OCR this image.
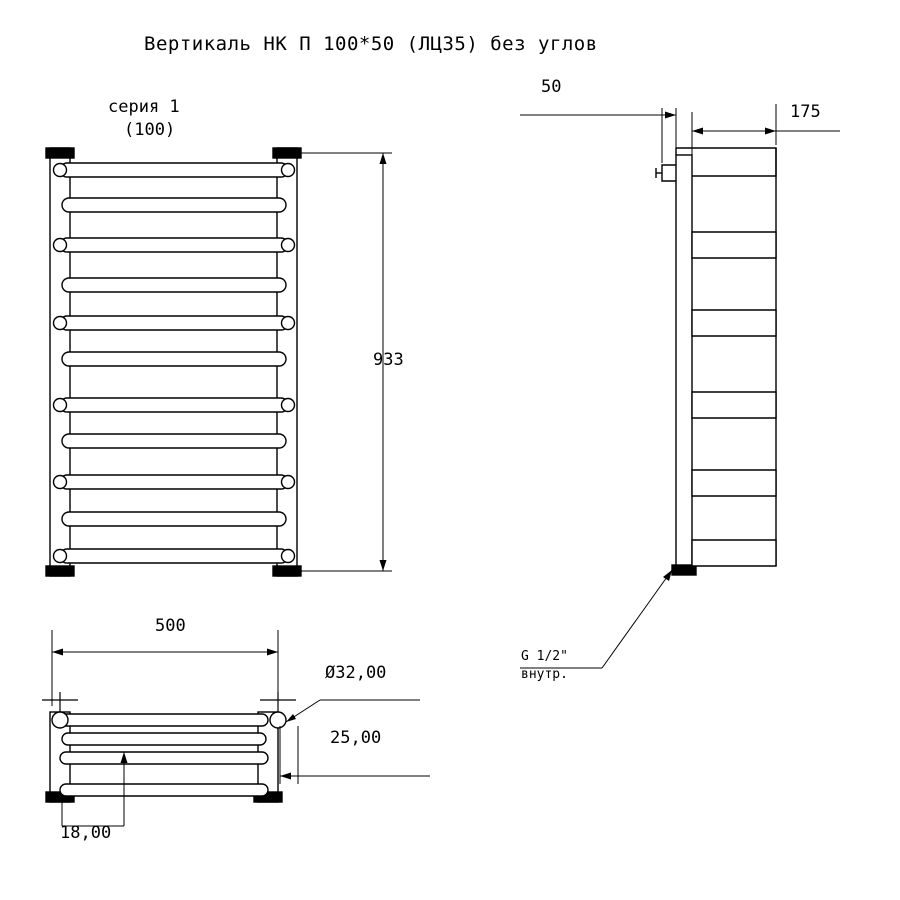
Вертикаль НК П 100*50 (ЛЦ35) без углов
серия 1
(100)
933
500
50
175
Ø32,00
25,00
18,00
G 1/2"
внутр.
